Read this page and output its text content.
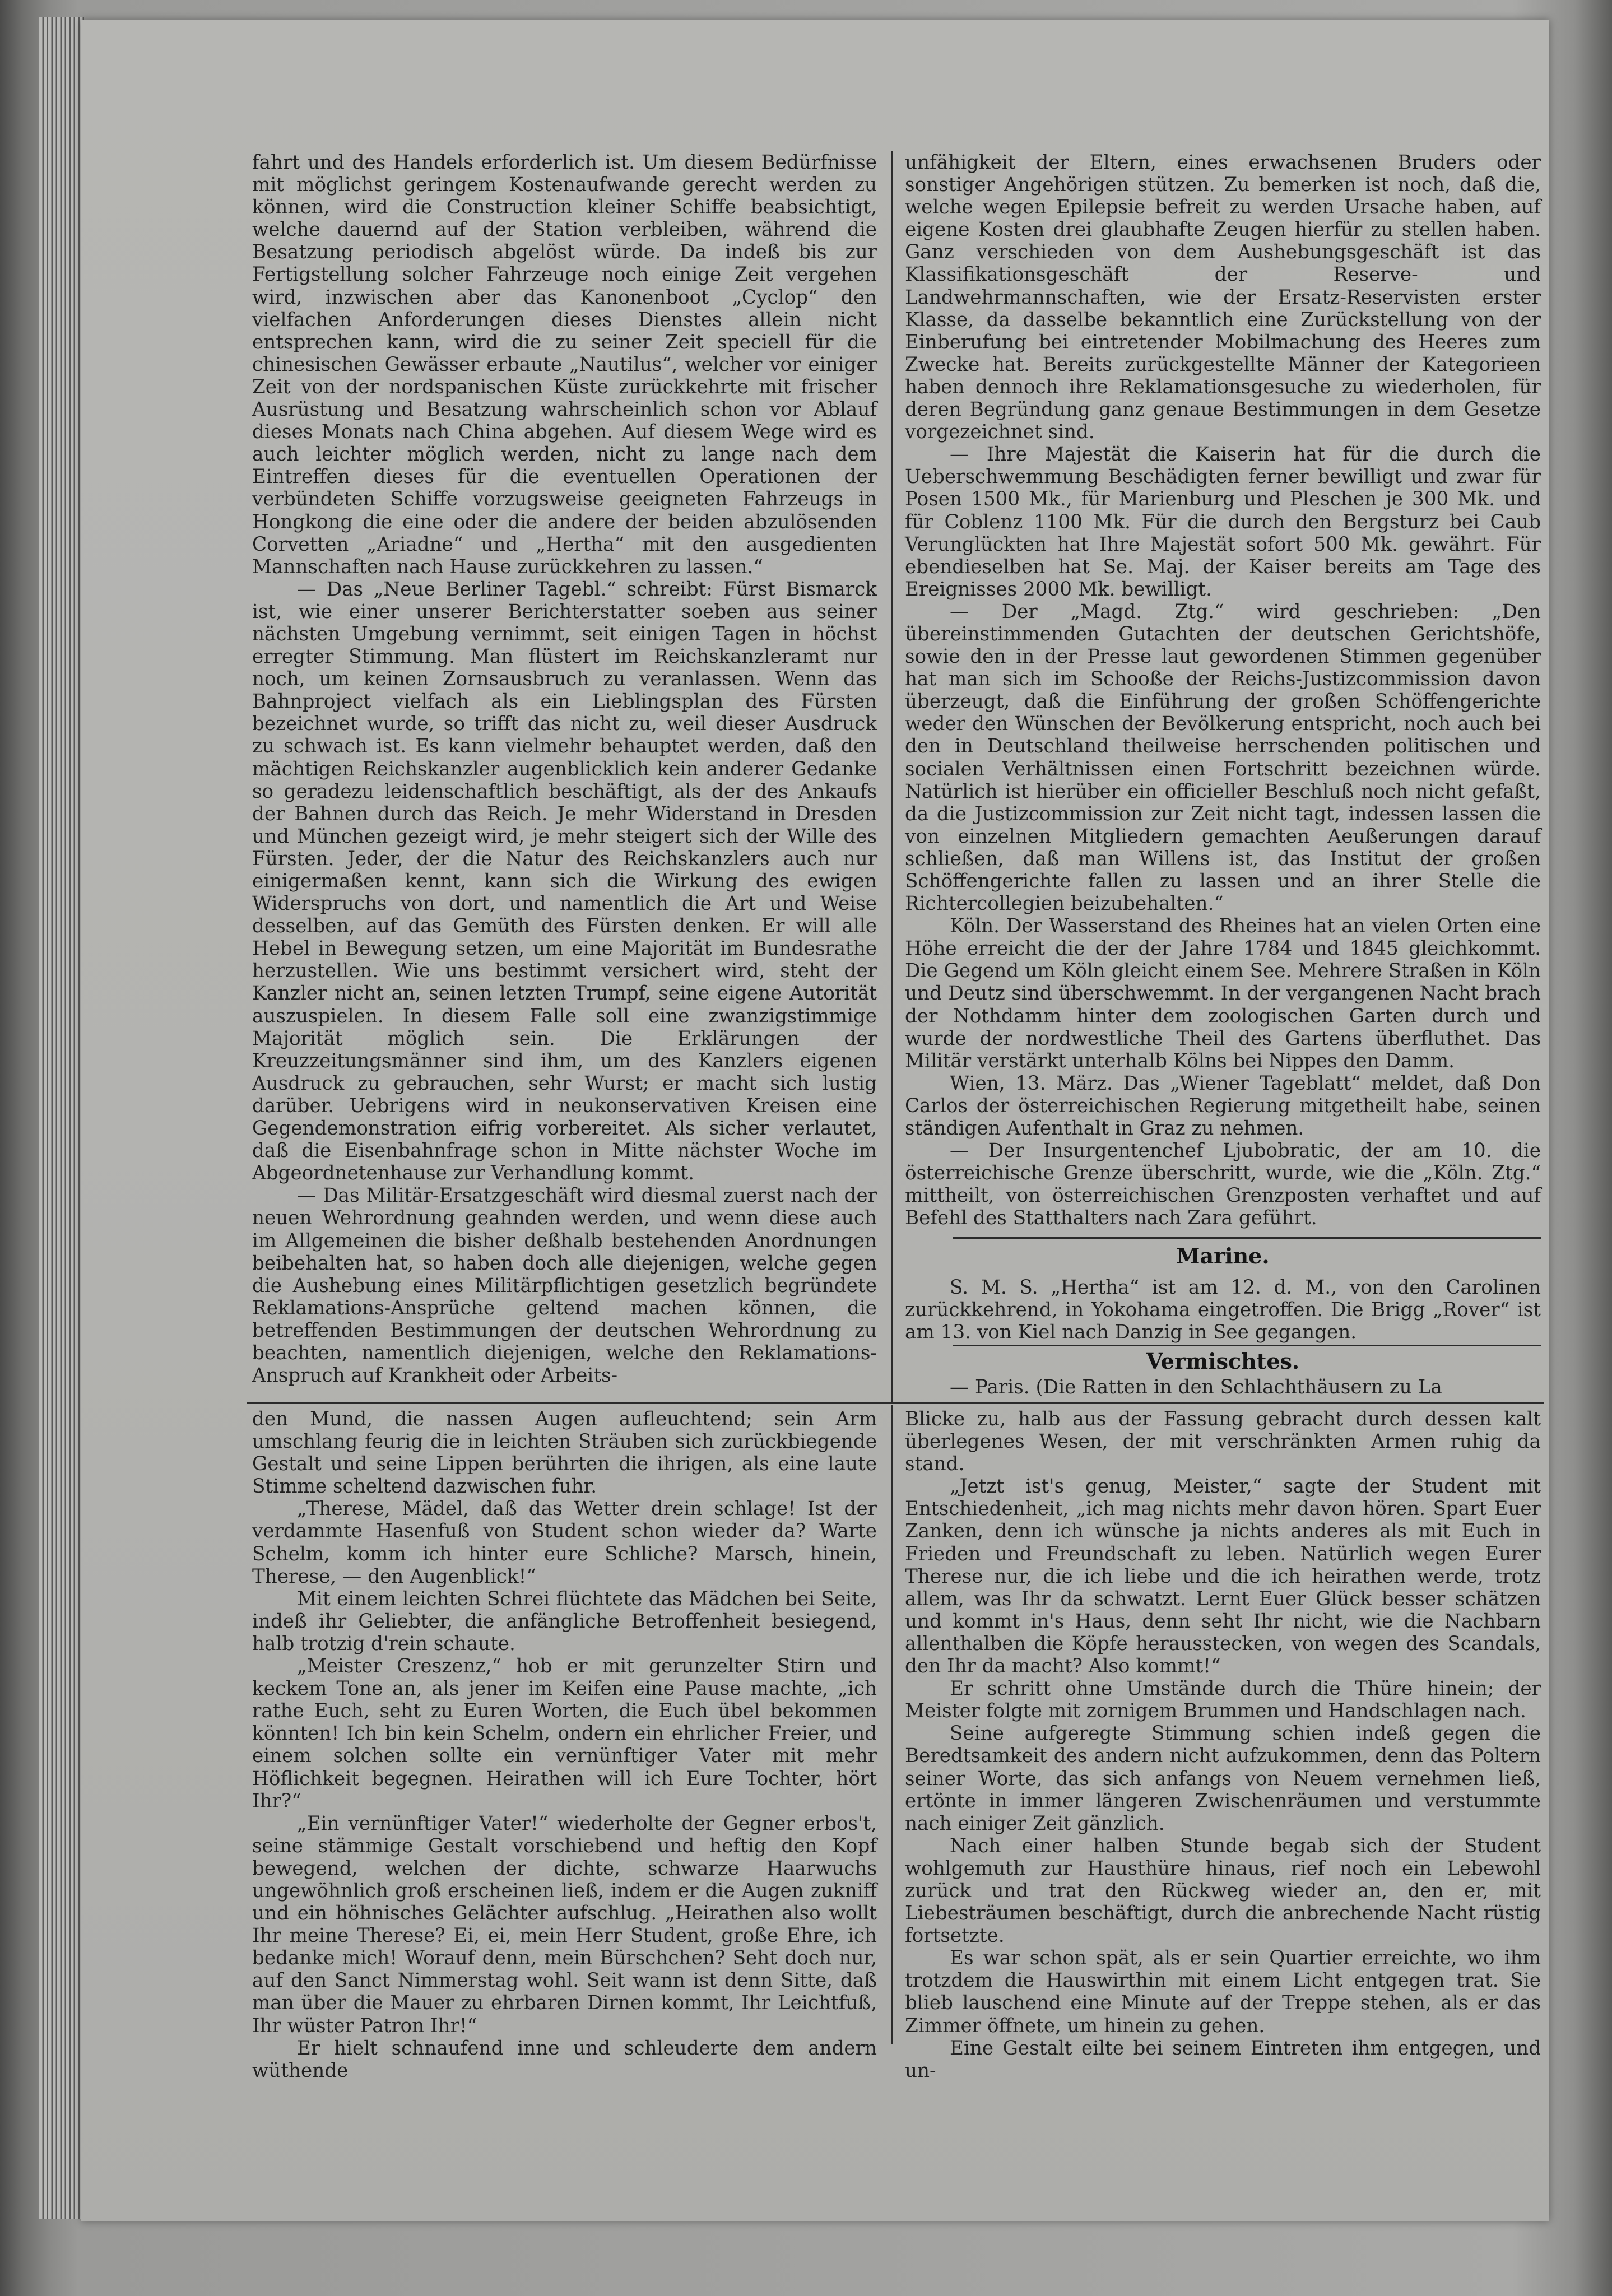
fahrt und des Handels erforderlich ist. Um diesem Bedürfnisse mit möglichst geringem Kostenaufwande gerecht werden zu können, wird die Construction kleiner Schiffe beabsichtigt, welche dauernd auf der Station verbleiben, während die Besatzung periodisch abgelöst würde. Da indeß bis zur Fertigstellung solcher Fahrzeuge noch einige Zeit vergehen wird, inzwischen aber das Kanonenboot „Cyclop“ den vielfachen Anforderungen dieses Dienstes allein nicht entsprechen kann, wird die zu seiner Zeit speciell für die chinesischen Gewässer erbaute „Nautilus“, welcher vor einiger Zeit von der nordspanischen Küste zurückkehrte mit frischer Ausrüstung und Besatzung wahrscheinlich schon vor Ablauf dieses Monats nach China abgehen. Auf diesem Wege wird es auch leichter möglich werden, nicht zu lange nach dem Eintreffen dieses für die eventuellen Operationen der verbündeten Schiffe vorzugsweise geeigneten Fahrzeugs in Hongkong die eine oder die andere der beiden abzulösenden Corvetten „Ariadne“ und „Hertha“ mit den ausgedienten Mannschaften nach Hause zurückkehren zu lassen.“

— Das „Neue Berliner Tagebl.“ schreibt: Fürst Bismarck ist, wie einer unserer Berichterstatter soeben aus seiner nächsten Umgebung vernimmt, seit einigen Tagen in höchst erregter Stimmung. Man flüstert im Reichskanzleramt nur noch, um keinen Zornsausbruch zu veranlassen. Wenn das Bahnproject vielfach als ein Lieblingsplan des Fürsten bezeichnet wurde, so trifft das nicht zu, weil dieser Ausdruck zu schwach ist. Es kann vielmehr behauptet werden, daß den mächtigen Reichskanzler augenblicklich kein anderer Gedanke so geradezu leidenschaftlich beschäftigt, als der des Ankaufs der Bahnen durch das Reich. Je mehr Widerstand in Dresden und München gezeigt wird, je mehr steigert sich der Wille des Fürsten. Jeder, der die Natur des Reichskanzlers auch nur einigermaßen kennt, kann sich die Wirkung des ewigen Widerspruchs von dort, und namentlich die Art und Weise desselben, auf das Gemüth des Fürsten denken. Er will alle Hebel in Bewegung setzen, um eine Majorität im Bundesrathe herzustellen. Wie uns bestimmt versichert wird, steht der Kanzler nicht an, seinen letzten Trumpf, seine eigene Autorität auszuspielen. In diesem Falle soll eine zwanzigstimmige Majorität möglich sein. Die Erklärungen der Kreuzzeitungsmänner sind ihm, um des Kanzlers eigenen Ausdruck zu gebrauchen, sehr Wurst; er macht sich lustig darüber. Uebrigens wird in neukonservativen Kreisen eine Gegendemonstration eifrig vorbereitet. Als sicher verlautet, daß die Eisenbahnfrage schon in Mitte nächster Woche im Abgeordnetenhause zur Verhandlung kommt.

— Das Militär-Ersatzgeschäft wird diesmal zuerst nach der neuen Wehrordnung geahnden werden, und wenn diese auch im Allgemeinen die bisher deßhalb bestehenden Anordnungen beibehalten hat, so haben doch alle diejenigen, welche gegen die Aushebung eines Militärpflichtigen gesetzlich begründete Reklamations-Ansprüche geltend machen können, die betreffenden Bestimmungen der deutschen Wehrordnung zu beachten, namentlich diejenigen, welche den Reklamations-Anspruch auf Krankheit oder Arbeits-

unfähigkeit der Eltern, eines erwachsenen Bruders oder sonstiger Angehörigen stützen. Zu bemerken ist noch, daß die, welche wegen Epilepsie befreit zu werden Ursache haben, auf eigene Kosten drei glaubhafte Zeugen hierfür zu stellen haben. Ganz verschieden von dem Aushebungsgeschäft ist das Klassifikationsgeschäft der Reserve- und Landwehrmannschaften, wie der Ersatz-Reservisten erster Klasse, da dasselbe bekanntlich eine Zurückstellung von der Einberufung bei eintretender Mobilmachung des Heeres zum Zwecke hat. Bereits zurückgestellte Männer der Kategorieen haben dennoch ihre Reklamationsgesuche zu wiederholen, für deren Begründung ganz genaue Bestimmungen in dem Gesetze vorgezeichnet sind.

— Ihre Majestät die Kaiserin hat für die durch die Ueberschwemmung Beschädigten ferner bewilligt und zwar für Posen 1500 Mk., für Marienburg und Pleschen je 300 Mk. und für Coblenz 1100 Mk. Für die durch den Bergsturz bei Caub Verunglückten hat Ihre Majestät sofort 500 Mk. gewährt. Für ebendieselben hat Se. Maj. der Kaiser bereits am Tage des Ereignisses 2000 Mk. bewilligt.

— Der „Magd. Ztg.“ wird geschrieben: „Den übereinstimmenden Gutachten der deutschen Gerichtshöfe, sowie den in der Presse laut gewordenen Stimmen gegenüber hat man sich im Schooße der Reichs-Justizcommission davon überzeugt, daß die Einführung der großen Schöffengerichte weder den Wünschen der Bevölkerung entspricht, noch auch bei den in Deutschland theilweise herrschenden politischen und socialen Verhältnissen einen Fortschritt bezeichnen würde. Natürlich ist hierüber ein officieller Beschluß noch nicht gefaßt, da die Justizcommission zur Zeit nicht tagt, indessen lassen die von einzelnen Mitgliedern gemachten Aeußerungen darauf schließen, daß man Willens ist, das Institut der großen Schöffengerichte fallen zu lassen und an ihrer Stelle die Richtercollegien beizubehalten.“

Köln. Der Wasserstand des Rheines hat an vielen Orten eine Höhe erreicht die der der Jahre 1784 und 1845 gleichkommt. Die Gegend um Köln gleicht einem See. Mehrere Straßen in Köln und Deutz sind überschwemmt. In der vergangenen Nacht brach der Nothdamm hinter dem zoologischen Garten durch und wurde der nordwestliche Theil des Gartens überfluthet. Das Militär verstärkt unterhalb Kölns bei Nippes den Damm.

Wien, 13. März. Das „Wiener Tageblatt“ meldet, daß Don Carlos der österreichischen Regierung mitgetheilt habe, seinen ständigen Aufenthalt in Graz zu nehmen.

— Der Insurgentenchef Ljubobratic, der am 10. die österreichische Grenze überschritt, wurde, wie die „Köln. Ztg.“ mittheilt, von österreichischen Grenzposten verhaftet und auf Befehl des Statthalters nach Zara geführt.

Marine.

S. M. S. „Hertha“ ist am 12. d. M., von den Carolinen zurückkehrend, in Yokohama eingetroffen. Die Brigg „Rover“ ist am 13. von Kiel nach Danzig in See gegangen.

Vermischtes.

— Paris. (Die Ratten in den Schlachthäusern zu La

den Mund, die nassen Augen aufleuchtend; sein Arm umschlang feurig die in leichten Sträuben sich zurückbiegende Gestalt und seine Lippen berührten die ihrigen, als eine laute Stimme scheltend dazwischen fuhr.

„Therese, Mädel, daß das Wetter drein schlage! Ist der verdammte Hasenfuß von Student schon wieder da? Warte Schelm, komm ich hinter eure Schliche? Marsch, hinein, Therese, — den Augenblick!“

Mit einem leichten Schrei flüchtete das Mädchen bei Seite, indeß ihr Geliebter, die anfängliche Betroffenheit besiegend, halb trotzig d'rein schaute.

„Meister Creszenz,“ hob er mit gerunzelter Stirn und keckem Tone an, als jener im Keifen eine Pause machte, „ich rathe Euch, seht zu Euren Worten, die Euch übel bekommen könnten! Ich bin kein Schelm, ondern ein ehrlicher Freier, und einem solchen sollte ein vernünftiger Vater mit mehr Höflichkeit begegnen. Heirathen will ich Eure Tochter, hört Ihr?“

„Ein vernünftiger Vater!“ wiederholte der Gegner erbos't, seine stämmige Gestalt vorschiebend und heftig den Kopf bewegend, welchen der dichte, schwarze Haarwuchs ungewöhnlich groß erscheinen ließ, indem er die Augen zukniff und ein höhnisches Gelächter aufschlug. „Heirathen also wollt Ihr meine Therese? Ei, ei, mein Herr Student, große Ehre, ich bedanke mich! Worauf denn, mein Bürschchen? Seht doch nur, auf den Sanct Nimmerstag wohl. Seit wann ist denn Sitte, daß man über die Mauer zu ehrbaren Dirnen kommt, Ihr Leichtfuß, Ihr wüster Patron Ihr!“

Er hielt schnaufend inne und schleuderte dem andern wüthende

Blicke zu, halb aus der Fassung gebracht durch dessen kalt überlegenes Wesen, der mit verschränkten Armen ruhig da stand.

„Jetzt ist's genug, Meister,“ sagte der Student mit Entschiedenheit, „ich mag nichts mehr davon hören. Spart Euer Zanken, denn ich wünsche ja nichts anderes als mit Euch in Frieden und Freundschaft zu leben. Natürlich wegen Eurer Therese nur, die ich liebe und die ich heirathen werde, trotz allem, was Ihr da schwatzt. Lernt Euer Glück besser schätzen und kommt in's Haus, denn seht Ihr nicht, wie die Nachbarn allenthalben die Köpfe herausstecken, von wegen des Scandals, den Ihr da macht? Also kommt!“

Er schritt ohne Umstände durch die Thüre hinein; der Meister folgte mit zornigem Brummen und Handschlagen nach.

Seine aufgeregte Stimmung schien indeß gegen die Beredtsamkeit des andern nicht aufzukommen, denn das Poltern seiner Worte, das sich anfangs von Neuem vernehmen ließ, ertönte in immer längeren Zwischenräumen und verstummte nach einiger Zeit gänzlich.

Nach einer halben Stunde begab sich der Student wohlgemuth zur Hausthüre hinaus, rief noch ein Lebewohl zurück und trat den Rückweg wieder an, den er, mit Liebesträumen beschäftigt, durch die anbrechende Nacht rüstig fortsetzte.

Es war schon spät, als er sein Quartier erreichte, wo ihm trotzdem die Hauswirthin mit einem Licht entgegen trat. Sie blieb lauschend eine Minute auf der Treppe stehen, als er das Zimmer öffnete, um hinein zu gehen.

Eine Gestalt eilte bei seinem Eintreten ihm entgegen, und un-
